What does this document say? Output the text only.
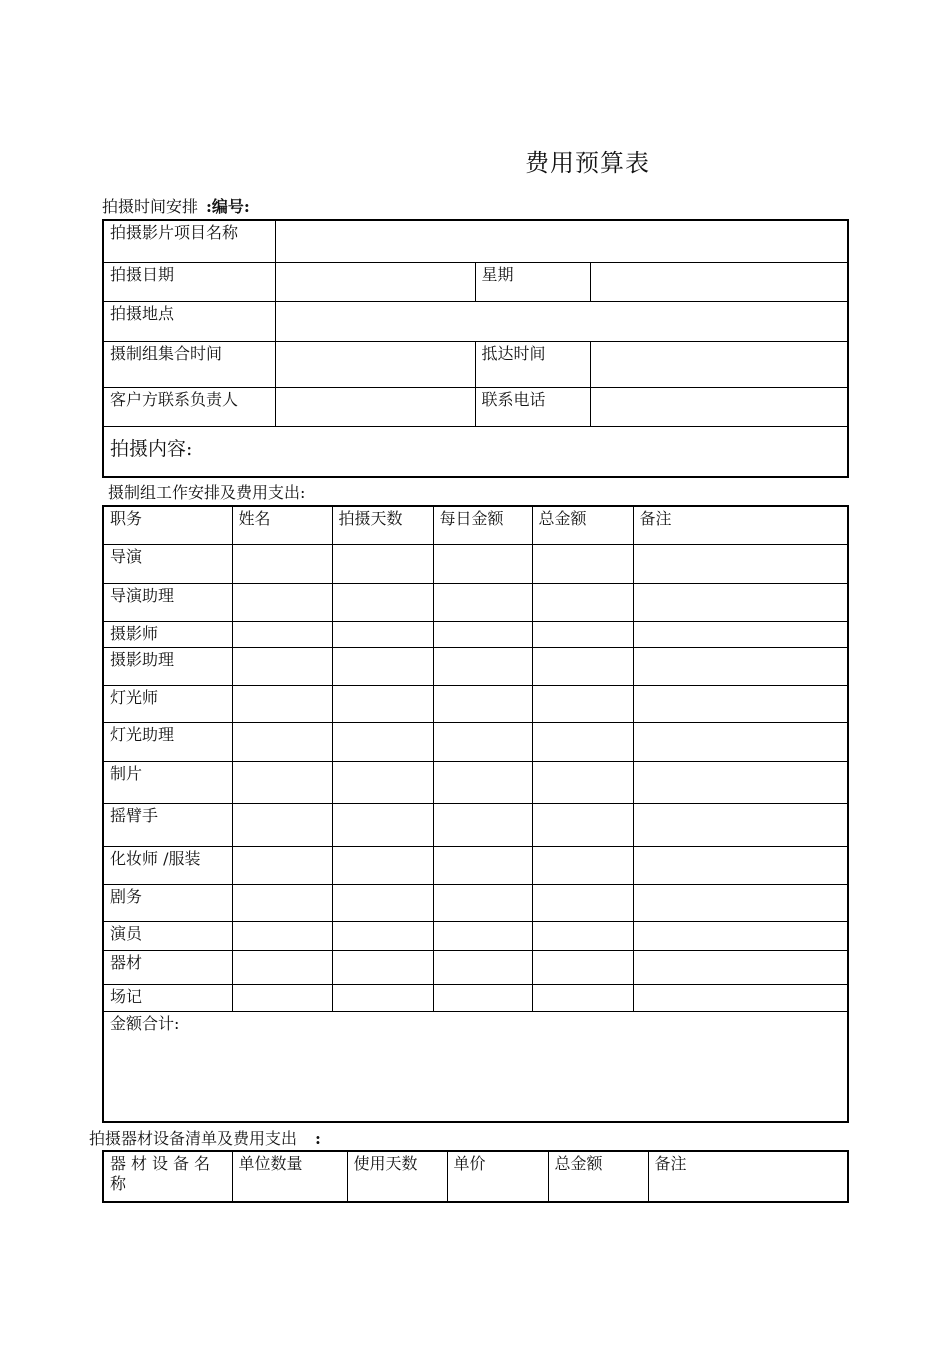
费用预算表
拍摄时间安排 :编号:
拍摄影片项目名称			
拍摄日期		星期	
拍摄地点			
摄制组集合时间		抵达时间	
客户方联系负责人		联系电话	
拍摄内容:			
摄制组工作安排及费用支出:
职务	姓名	拍摄天数	每日金额	总金额	备注
导演					
导演助理					
摄影师					
摄影助理					
灯光师					
灯光助理					
制片					
摇臂手					
化妆师 /服装					
剧务					
演员					
器材					
场记					
金额合计:					
拍摄器材设备清单及费用支出 :
器材设备名称	单位数量	使用天数	单价	总金额	备注
